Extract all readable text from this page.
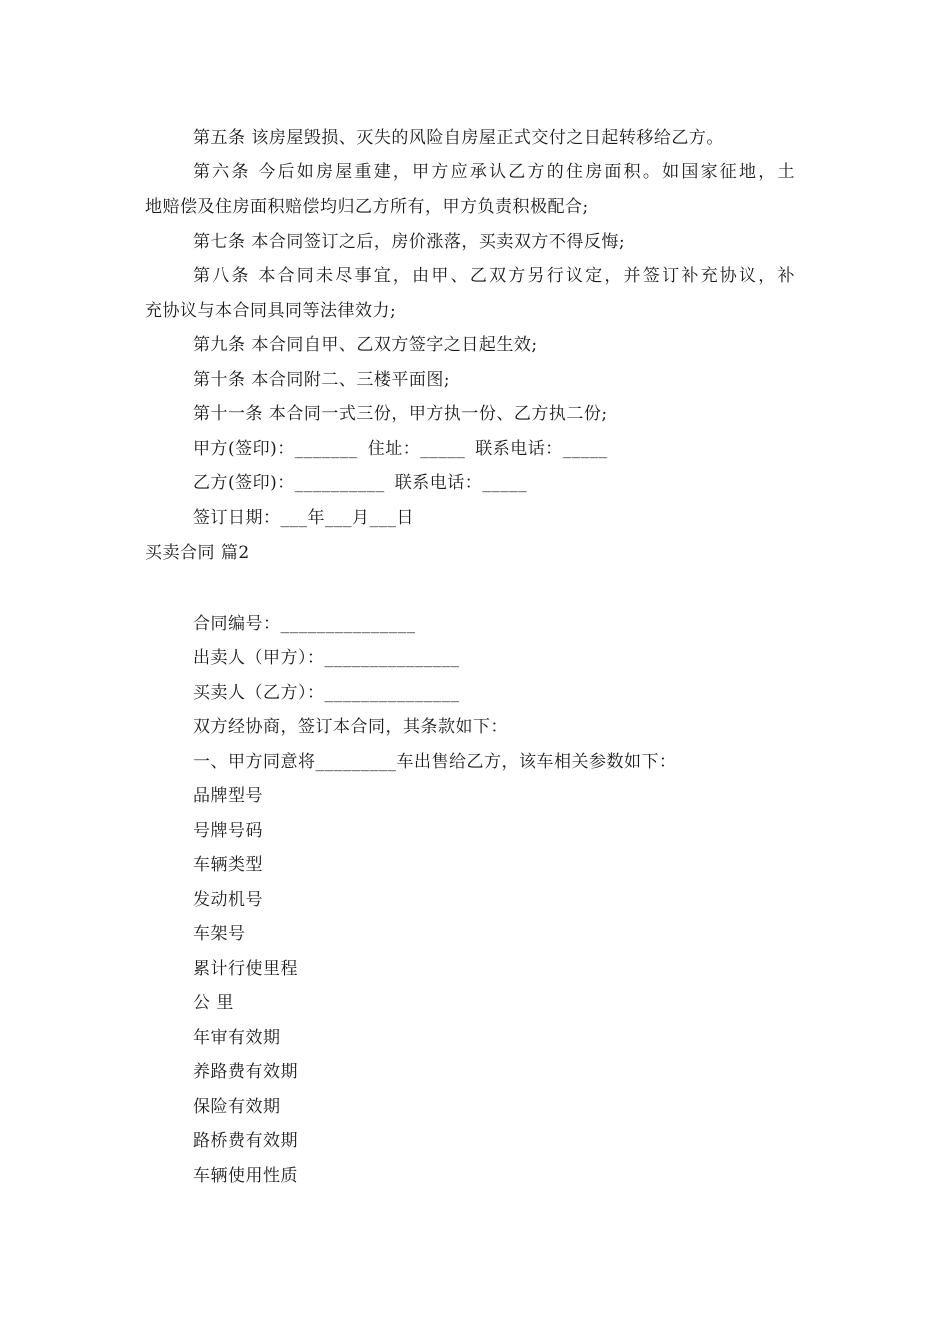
第五条 该房屋毁损、灭失的风险自房屋正式交付之日起转移给乙方。
第六条 今后如房屋重建，甲方应承认乙方的住房面积。如国家征地，土
地赔偿及住房面积赔偿均归乙方所有，甲方负责积极配合;
第七条 本合同签订之后，房价涨落，买卖双方不得反悔;
第八条 本合同未尽事宜，由甲、乙双方另行议定，并签订补充协议，补
充协议与本合同具同等法律效力;
第九条 本合同自甲、乙双方签字之日起生效;
第十条 本合同附二、三楼平面图;
第十一条 本合同一式三份，甲方执一份、乙方执二份;
甲方(签印)：_______ 住址：_____ 联系电话：_____
乙方(签印)：__________ 联系电话：_____
签订日期：___年___月___日
买卖合同 篇2
合同编号：_______________
出卖人（甲方）：_______________
买卖人（乙方）：_______________
双方经协商，签订本合同，其条款如下：
一、甲方同意将_________车出售给乙方，该车相关参数如下：
品牌型号
号牌号码
车辆类型
发动机号
车架号
累计行使里程
公 里
年审有效期
养路费有效期
保险有效期
路桥费有效期
车辆使用性质
